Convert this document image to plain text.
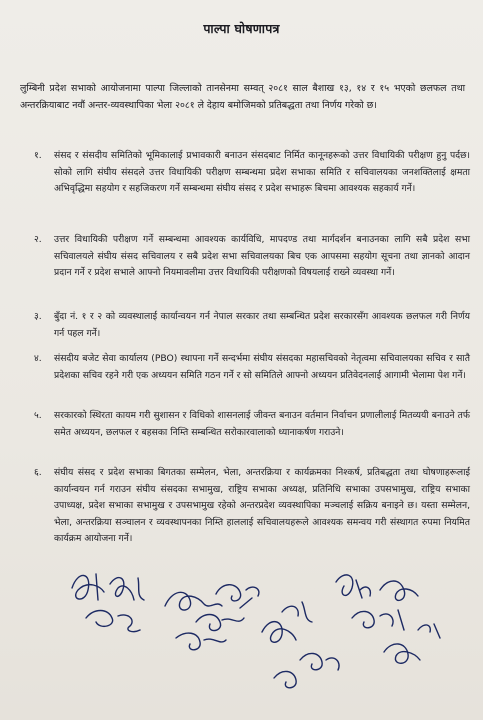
पाल्पा घोषणापत्र
लुम्बिनी प्रदेश सभाको आयोजनामा पाल्पा जिल्लाको तानसेनमा सम्वत् २०८१ साल बैशाख १३, १४ र १५ भएको छलफल तथा अन्तरक्रियाबाट नवौं अन्तर-व्यवस्थापिका भेला २०८१ ले देहाय बमोजिमको प्रतिबद्धता तथा निर्णय गरेको छ।
१.	संसद र संसदीय समितिको भूमिकालाई प्रभावकारी बनाउन संसदबाट निर्मित कानूनहरूको उत्तर विधायिकी परीक्षण हुनु पर्दछ। सोको लागि संघीय संसदले उत्तर विधायिकी परीक्षण सम्बन्धमा प्रदेश सभाका समिति र सचिवालयका जनशक्तिलाई क्षमता अभिवृद्धिमा सहयोग र सहजिकरण गर्ने सम्बन्धमा संघीय संसद र प्रदेश सभाहरू बिचमा आवश्यक सहकार्य गर्ने।
२.	उत्तर विधायिकी परीक्षण गर्ने सम्बन्धमा आवश्यक कार्यविधि, मापदण्ड तथा मार्गदर्शन बनाउनका लागि सबै प्रदेश सभा सचिवालयले संघीय संसद सचिवालय र सबै प्रदेश सभा सचिवालयका बिच एक आपसमा सहयोग सूचना तथा ज्ञानको आदान प्रदान गर्ने र प्रदेश सभाले आफ्नो नियमावलीमा उत्तर विधायिकी परीक्षणको विषयलाई राख्ने व्यवस्था गर्ने।
३.	बुँदा नं. १ र २ को व्यवस्थालाई कार्यान्वयन गर्न नेपाल सरकार तथा सम्बन्धित प्रदेश सरकारसँग आवश्यक छलफल गरी निर्णय गर्न पहल गर्ने।
४.	संसदीय बजेट सेवा कार्यालय (PBO) स्थापना गर्ने सन्दर्भमा संघीय संसदका महासचिवको नेतृत्वमा सचिवालयका सचिव र सातै प्रदेशका सचिव रहने गरी एक अध्ययन समिति गठन गर्ने र सो समितिले आफ्नो अध्ययन प्रतिवेदनलाई आगामी भेलामा पेश गर्ने।
५.	सरकारको स्थिरता कायम गरी सुशासन र विधिको शासनलाई जीवन्त बनाउन वर्तमान निर्वाचन प्रणालीलाई मितव्ययी बनाउने तर्फ समेत अध्ययन, छलफल र बहसका निम्ति सम्बन्धित सरोकारवालाको ध्यानाकर्षण गराउने।
६.	संघीय संसद र प्रदेश सभाका बिगतका सम्मेलन, भेला, अन्तरक्रिया र कार्यक्रमका निश्कर्ष, प्रतिबद्धता तथा घोषणाहरूलाई कार्यान्वयन गर्न गराउन संघीय संसदका सभामुख, राष्ट्रिय सभाका अध्यक्ष, प्रतिनिधि सभाका उपसभामुख, राष्ट्रिय सभाका उपाध्यक्ष, प्रदेश सभाका सभामुख र उपसभामुख रहेको अन्तरप्रदेश व्यवस्थापिका मञ्चलाई सक्रिय बनाइने छ। यस्ता सम्मेलन, भेला, अन्तरक्रिया सञ्चालन र व्यवस्थापनका निम्ति हाललाई सचिवालयहरूले आवश्यक समन्वय गरी संस्थागत रुपमा नियमित कार्यक्रम आयोजना गर्ने।
